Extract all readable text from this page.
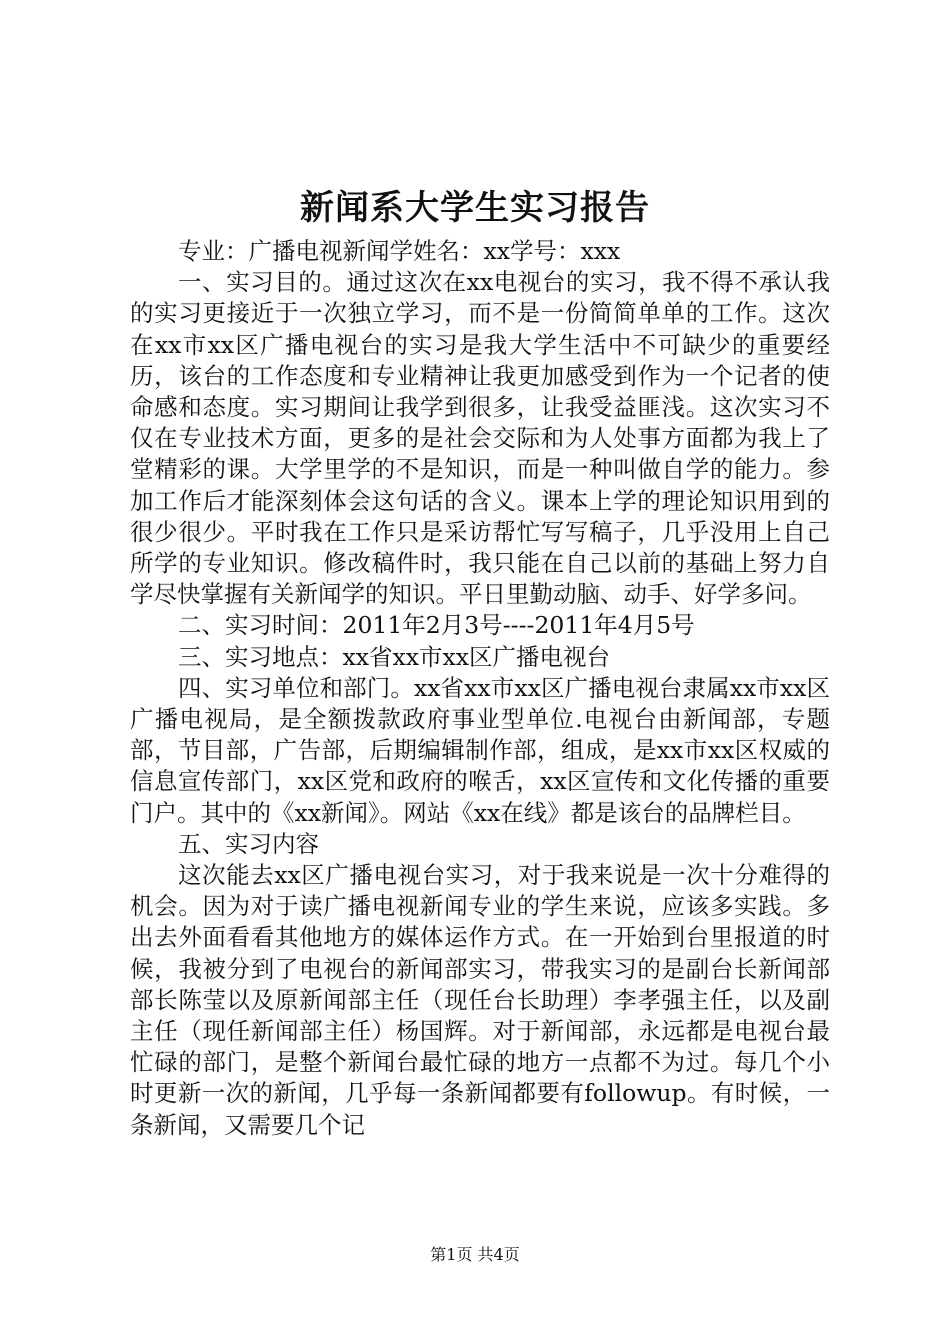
新闻系大学生实习报告

专业：广播电视新闻学姓名：xx学号：xxx

一、实习目的。通过这次在xx电视台的实习，我不得不承认我的实习更接近于一次独立学习，而不是一份简简单单的工作。这次在xx市xx区广播电视台的实习是我大学生活中不可缺少的重要经历，该台的工作态度和专业精神让我更加感受到作为一个记者的使命感和态度。实习期间让我学到很多，让我受益匪浅。这次实习不仅在专业技术方面，更多的是社会交际和为人处事方面都为我上了堂精彩的课。大学里学的不是知识，而是一种叫做自学的能力。参加工作后才能深刻体会这句话的含义。课本上学的理论知识用到的很少很少。平时我在工作只是采访帮忙写写稿子，几乎没用上自己所学的专业知识。修改稿件时，我只能在自己以前的基础上努力自学尽快掌握有关新闻学的知识。平日里勤动脑、动手、好学多问。

二、实习时间：2011年2月3号----2011年4月5号

三、实习地点：xx省xx市xx区广播电视台

四、实习单位和部门。xx省xx市xx区广播电视台隶属xx市xx区广播电视局，是全额拨款政府事业型单位.电视台由新闻部，专题部，节目部，广告部，后期编辑制作部，组成，是xx市xx区权威的信息宣传部门，xx区党和政府的喉舌，xx区宣传和文化传播的重要门户。其中的《xx新闻》。网站《xx在线》都是该台的品牌栏目。

五、实习内容

这次能去xx区广播电视台实习，对于我来说是一次十分难得的机会。因为对于读广播电视新闻专业的学生来说，应该多实践。多出去外面看看其他地方的媒体运作方式。在一开始到台里报道的时候，我被分到了电视台的新闻部实习，带我实习的是副台长新闻部部长陈莹以及原新闻部主任（现任台长助理）李孝强主任，以及副主任（现任新闻部主任）杨国辉。对于新闻部，永远都是电视台最忙碌的部门，是整个新闻台最忙碌的地方一点都不为过。每几个小时更新一次的新闻，几乎每一条新闻都要有followup。有时候，一条新闻，又需要几个记

第1页 共4页
